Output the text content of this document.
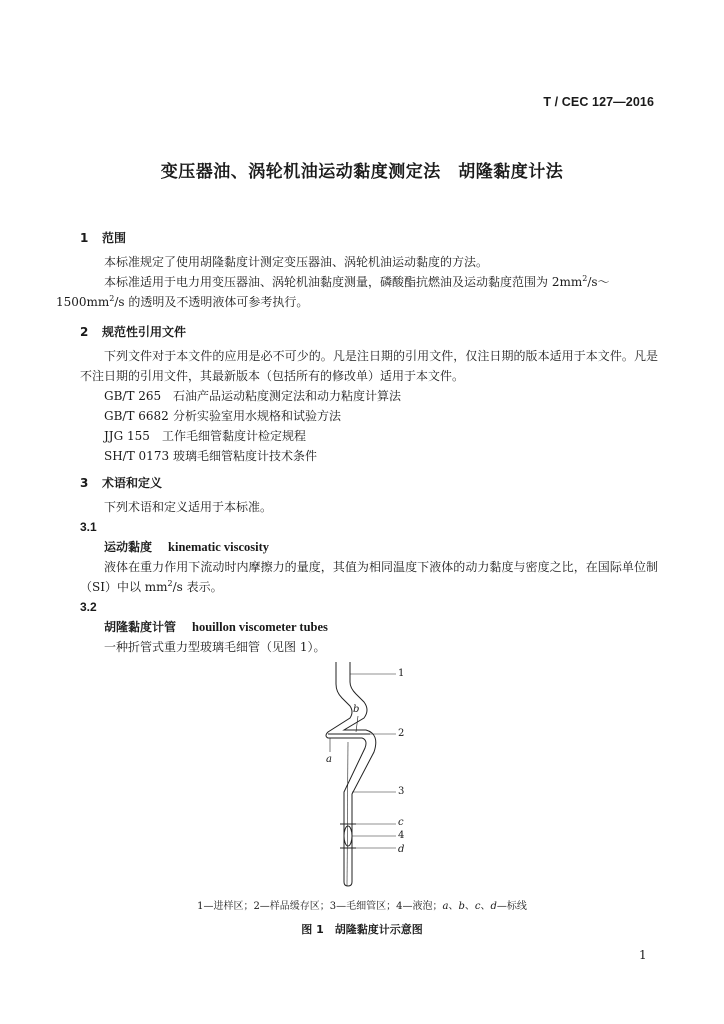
T / CEC 127—2016
变压器油、涡轮机油运动黏度测定法　胡隆黏度计法
1 范围
本标准规定了使用胡隆黏度计测定变压器油、涡轮机油运动黏度的方法。
本标准适用于电力用变压器油、涡轮机油黏度测量，磷酸酯抗燃油及运动黏度范围为 $2mm^2/s\sim$
$1500mm^2/s$ 的透明及不透明液体可参考执行。
2 规范性引用文件
下列文件对于本文件的应用是必不可少的。凡是注日期的引用文件，仅注日期的版本适用于本文件。凡是不注日期的引用文件，其最新版本（包括所有的修改单）适用于本文件。
GB/T 265 石油产品运动粘度测定法和动力粘度计算法
GB/T 6682 分析实验室用水规格和试验方法
JJG 155 工作毛细管黏度计检定规程
SH/T 0173 玻璃毛细管粘度计技术条件
3 术语和定义
下列术语和定义适用于本标准。
3.1
运动黏度 kinematic viscosity
液体在重力作用下流动时内摩擦力的量度，其值为相同温度下液体的动力黏度与密度之比，在国际单位制（SI）中以 $mm^2/s$ 表示。
3.2
胡隆黏度计管 houillon viscometer tubes
一种折管式重力型玻璃毛细管（见图 1）。
1
b
2
a
3
c
4
d
1—进样区；2—样品缓存区；3—毛细管区；4—液泡；a、b、c、d—标线
图 1　胡隆黏度计示意图
1
